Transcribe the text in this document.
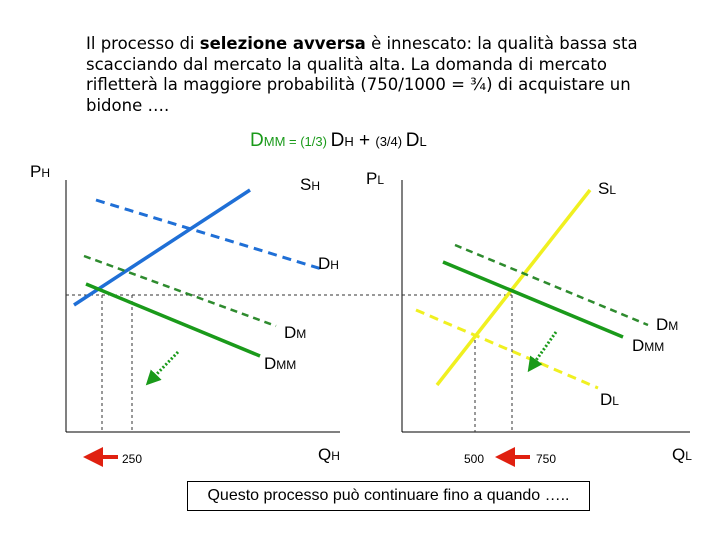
Il processo di selezione avversa è innescato: la qualità bassa sta scacciando dal mercato la qualità alta. La domanda di mercato rifletterà la maggiore probabilità (750/1000 = ¾) di acquistare un bidone ….
DMM = (1/3) DH + (3/4) DL
PH
SH
DH
DM
DMM
250	QH
PL	SL
DM
DMM
DL
500	750	QL
Questo processo può continuare fino a quando …..
